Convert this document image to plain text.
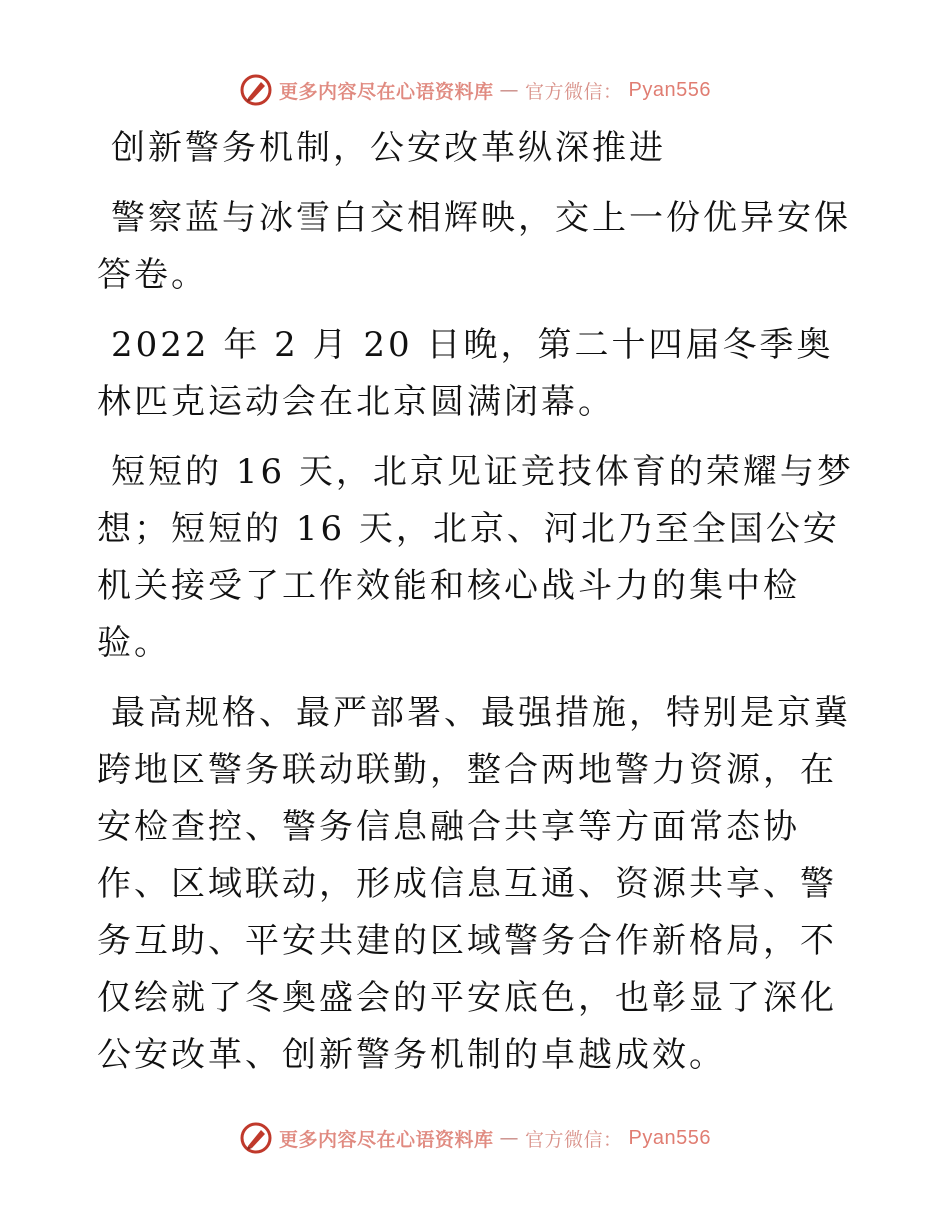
更多内容尽在心语资料库 — 官方微信： Pyan556

创新警务机制，公安改革纵深推进

警察蓝与冰雪白交相辉映，交上一份优异安保答卷。

2022 年 2 月 20 日晚，第二十四届冬季奥林匹克运动会在北京圆满闭幕。

短短的 16 天，北京见证竞技体育的荣耀与梦想；短短的 16 天，北京、河北乃至全国公安机关接受了工作效能和核心战斗力的集中检验。

最高规格、最严部署、最强措施，特别是京冀跨地区警务联动联勤，整合两地警力资源，在安检查控、警务信息融合共享等方面常态协作、区域联动，形成信息互通、资源共享、警务互助、平安共建的区域警务合作新格局，不仅绘就了冬奥盛会的平安底色，也彰显了深化公安改革、创新警务机制的卓越成效。

更多内容尽在心语资料库 — 官方微信： Pyan556
